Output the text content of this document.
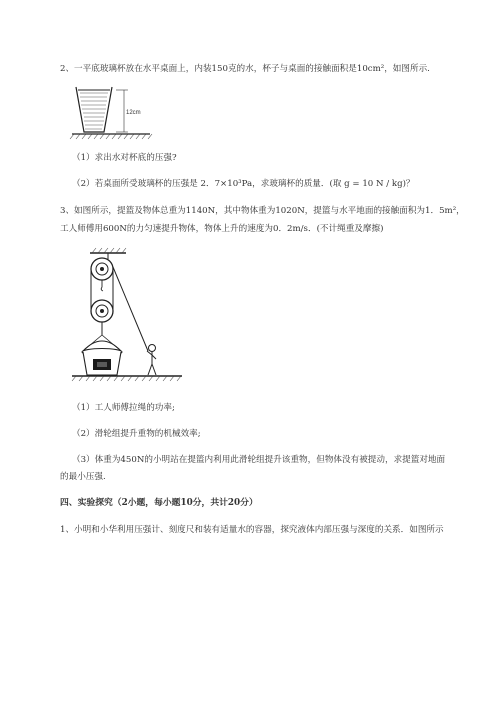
2、一平底玻璃杯放在水平桌面上，内装150克的水，杯子与桌面的接触面积是10cm²，如图所示.
12cm
（1）求出水对杯底的压强?
（2）若桌面所受玻璃杯的压强是 2．7×10³Pa，求玻璃杯的质量．(取 g = 10 N / kg)？
3、如图所示，提篮及物体总重为1140N，其中物体重为1020N，提篮与水平地面的接触面积为1．5m²，
工人师傅用600N的力匀速提升物体，物体上升的速度为0．2m/s．(不计绳重及摩擦)
（1）工人师傅拉绳的功率;
（2）滑轮组提升重物的机械效率;
（3）体重为450N的小明站在提篮内利用此滑轮组提升该重物，但物体没有被提动，求提篮对地面
的最小压强.
四、实验探究（2小题，每小题10分，共计20分）
1、小明和小华利用压强计、刻度尺和装有适量水的容器，探究液体内部压强与深度的关系．如图所示
